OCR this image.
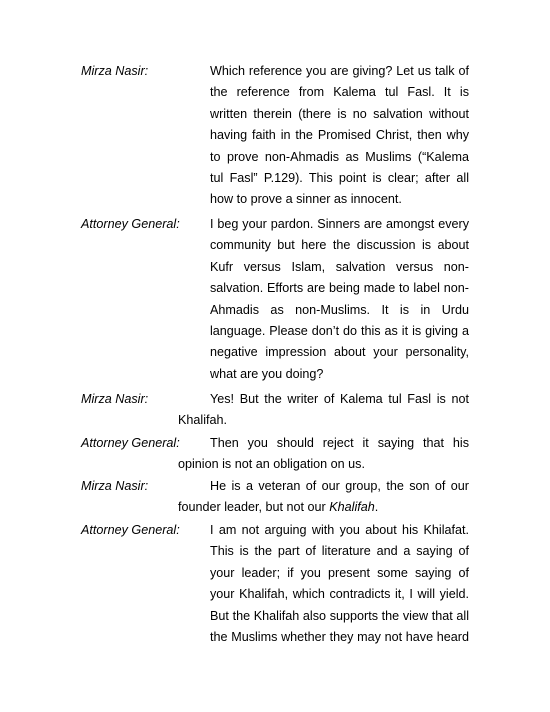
Mirza Nasir:	Which reference you are giving? Let us talk of
the reference from Kalema tul Fasl. It is
written therein (there is no salvation without
having faith in the Promised Christ, then why
to prove non-Ahmadis as Muslims (“Kalema
tul Fasl” P.129). This point is clear; after all
how to prove a sinner as innocent.
Attorney General: I beg your pardon. Sinners are amongst every
community but here the discussion is about
Kufr versus Islam, salvation versus non-
salvation. Efforts are being made to label non-
Ahmadis as non-Muslims. It is in Urdu
language. Please don’t do this as it is giving a
negative impression about your personality,
what are you doing?
Mirza Nasir:	Yes! But the writer of Kalema tul Fasl is not
Khalifah.
Attorney General:	Then you should reject it saying that his
opinion is not an obligation on us.
Mirza Nasir:	He is a veteran of our group, the son of our
founder leader, but not our Khalifah.
Attorney General: I am not arguing with you about his Khilafat.
This is the part of literature and a saying of
your leader; if you present some saying of
your Khalifah, which contradicts it, I will yield.
But the Khalifah also supports the view that all
the Muslims whether they may not have heard
